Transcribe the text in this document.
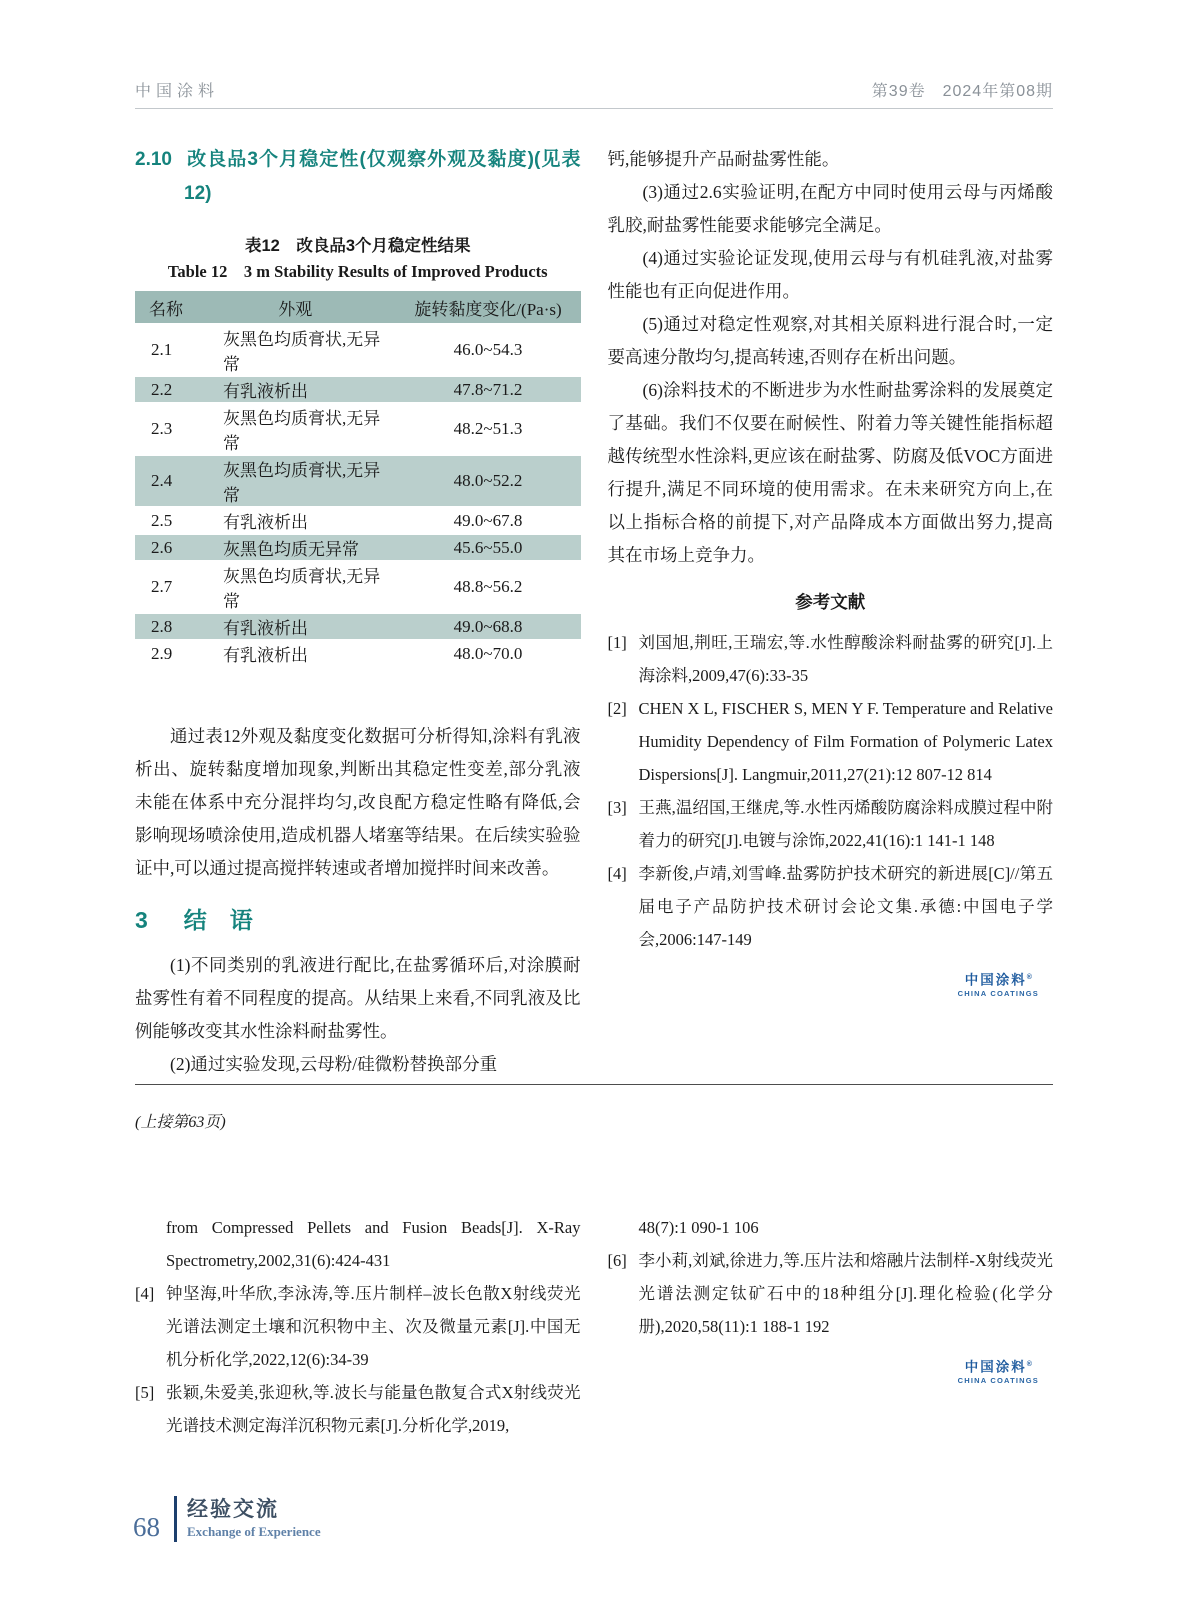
中国涂料	第39卷　2024年第08期
2.10 改良品3个月稳定性(仅观察外观及黏度)(见表12)
表12　改良品3个月稳定性结果
Table 12　3 m Stability Results of Improved Products
名称	外观	旋转黏度变化/(Pa·s)
2.1	灰黑色均质膏状,无异常	46.0~54.3
2.2	有乳液析出	47.8~71.2
2.3	灰黑色均质膏状,无异常	48.2~51.3
2.4	灰黑色均质膏状,无异常	48.0~52.2
2.5	有乳液析出	49.0~67.8
2.6	灰黑色均质无异常	45.6~55.0
2.7	灰黑色均质膏状,无异常	48.8~56.2
2.8	有乳液析出	49.0~68.8
2.9	有乳液析出	48.0~70.0

通过表12外观及黏度变化数据可分析得知,涂料有乳液析出、旋转黏度增加现象,判断出其稳定性变差,部分乳液未能在体系中充分混拌均匀,改良配方稳定性略有降低,会影响现场喷涂使用,造成机器人堵塞等结果。在后续实验验证中,可以通过提高搅拌转速或者增加搅拌时间来改善。

3 结　语

(1)不同类别的乳液进行配比,在盐雾循环后,对涂膜耐盐雾性有着不同程度的提高。从结果上来看,不同乳液及比例能够改变其水性涂料耐盐雾性。

(2)通过实验发现,云母粉/硅微粉替换部分重

钙,能够提升产品耐盐雾性能。

(3)通过2.6实验证明,在配方中同时使用云母与丙烯酸乳胶,耐盐雾性能要求能够完全满足。

(4)通过实验论证发现,使用云母与有机硅乳液,对盐雾性能也有正向促进作用。

(5)通过对稳定性观察,对其相关原料进行混合时,一定要高速分散均匀,提高转速,否则存在析出问题。

(6)涂料技术的不断进步为水性耐盐雾涂料的发展奠定了基础。我们不仅要在耐候性、附着力等关键性能指标超越传统型水性涂料,更应该在耐盐雾、防腐及低VOC方面进行提升,满足不同环境的使用需求。在未来研究方向上,在以上指标合格的前提下,对产品降成本方面做出努力,提高其在市场上竞争力。

参考文献
[1] 刘国旭,荆旺,王瑞宏,等.水性醇酸涂料耐盐雾的研究[J].上海涂料,2009,47(6):33-35
[2] CHEN X L, FISCHER S, MEN Y F. Temperature and Relative Humidity Dependency of Film Formation of Polymeric Latex Dispersions[J]. Langmuir,2011,27(21):12 807-12 814
[3] 王燕,温绍国,王继虎,等.水性丙烯酸防腐涂料成膜过程中附着力的研究[J].电镀与涂饰,2022,41(16):1 141-1 148
[4] 李新俊,卢靖,刘雪峰.盐雾防护技术研究的新进展[C]//第五届电子产品防护技术研讨会论文集.承德:中国电子学会,2006:147-149
中国涂料®
CHINA COATINGS
(上接第63页)
from Compressed Pellets and Fusion Beads[J]. X-Ray Spectrometry,2002,31(6):424-431
[4] 钟坚海,叶华欣,李泳涛,等.压片制样–波长色散X射线荧光光谱法测定土壤和沉积物中主、次及微量元素[J].中国无机分析化学,2022,12(6):34-39
[5] 张颖,朱爱美,张迎秋,等.波长与能量色散复合式X射线荧光光谱技术测定海洋沉积物元素[J].分析化学,2019,
48(7):1 090-1 106
[6] 李小莉,刘斌,徐进力,等.压片法和熔融片法制样-X射线荧光光谱法测定钛矿石中的18种组分[J].理化检验(化学分册),2020,58(11):1 188-1 192
中国涂料®
CHINA COATINGS
68
经验交流
Exchange of Experience
